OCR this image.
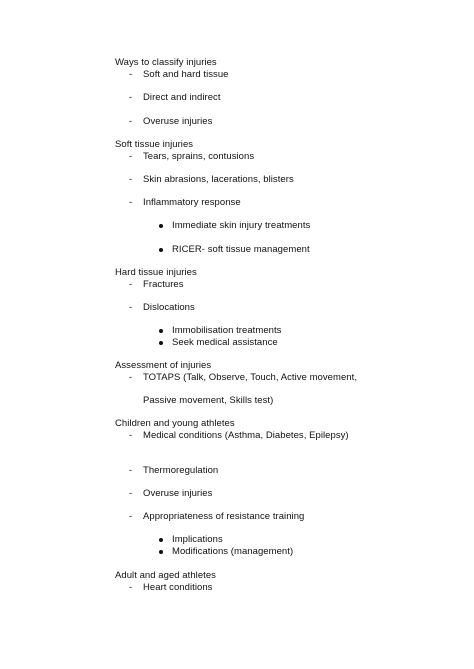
Ways to classify injuries
- Soft and hard tissue
- Direct and indirect
- Overuse injuries
Soft tissue injuries
- Tears, sprains, contusions
- Skin abrasions, lacerations, blisters
- Inflammatory response
Immediate skin injury treatments
RICER- soft tissue management
Hard tissue injuries
- Fractures
- Dislocations
Immobilisation treatments
Seek medical assistance
Assessment of injuries
- TOTAPS (Talk, Observe, Touch, Active movement,
Passive movement, Skills test)
Children and young athletes
- Medical conditions (Asthma, Diabetes, Epilepsy)
- Thermoregulation
- Overuse injuries
- Appropriateness of resistance training
Implications
Modifications (management)
Adult and aged athletes
- Heart conditions
